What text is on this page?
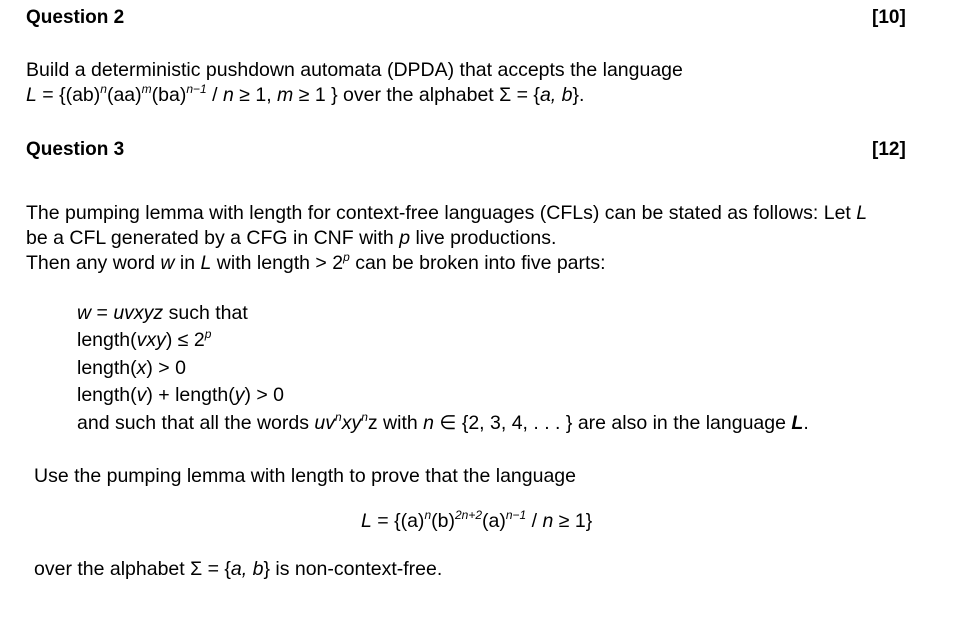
Question 2	[10]
Build a deterministic pushdown automata (DPDA) that accepts the language
L = {(ab)$^n$(aa)$^m$(ba)$^{n-1}$ / n ≥ 1, m ≥ 1 } over the alphabet Σ = {a, b}.
Question 3	[12]
The pumping lemma with length for context-free languages (CFLs) can be stated as follows: Let L
be a CFL generated by a CFG in CNF with p live productions.
Then any word w in L with length > $2^p$ can be broken into five parts:
w = uvxyz such that
length(vxy) ≤ $2^p$
length(x) > 0
length(v) + length(y) > 0
and such that all the words $uv^nxy^nz$ with n ∈ {2, 3, 4, . . . } are also in the language L.
Use the pumping lemma with length to prove that the language
$L = \{(a)^n(b)^{2n+2}(a)^{n-1} / n \ge 1\}$
over the alphabet Σ = {a, b} is non-context-free.
